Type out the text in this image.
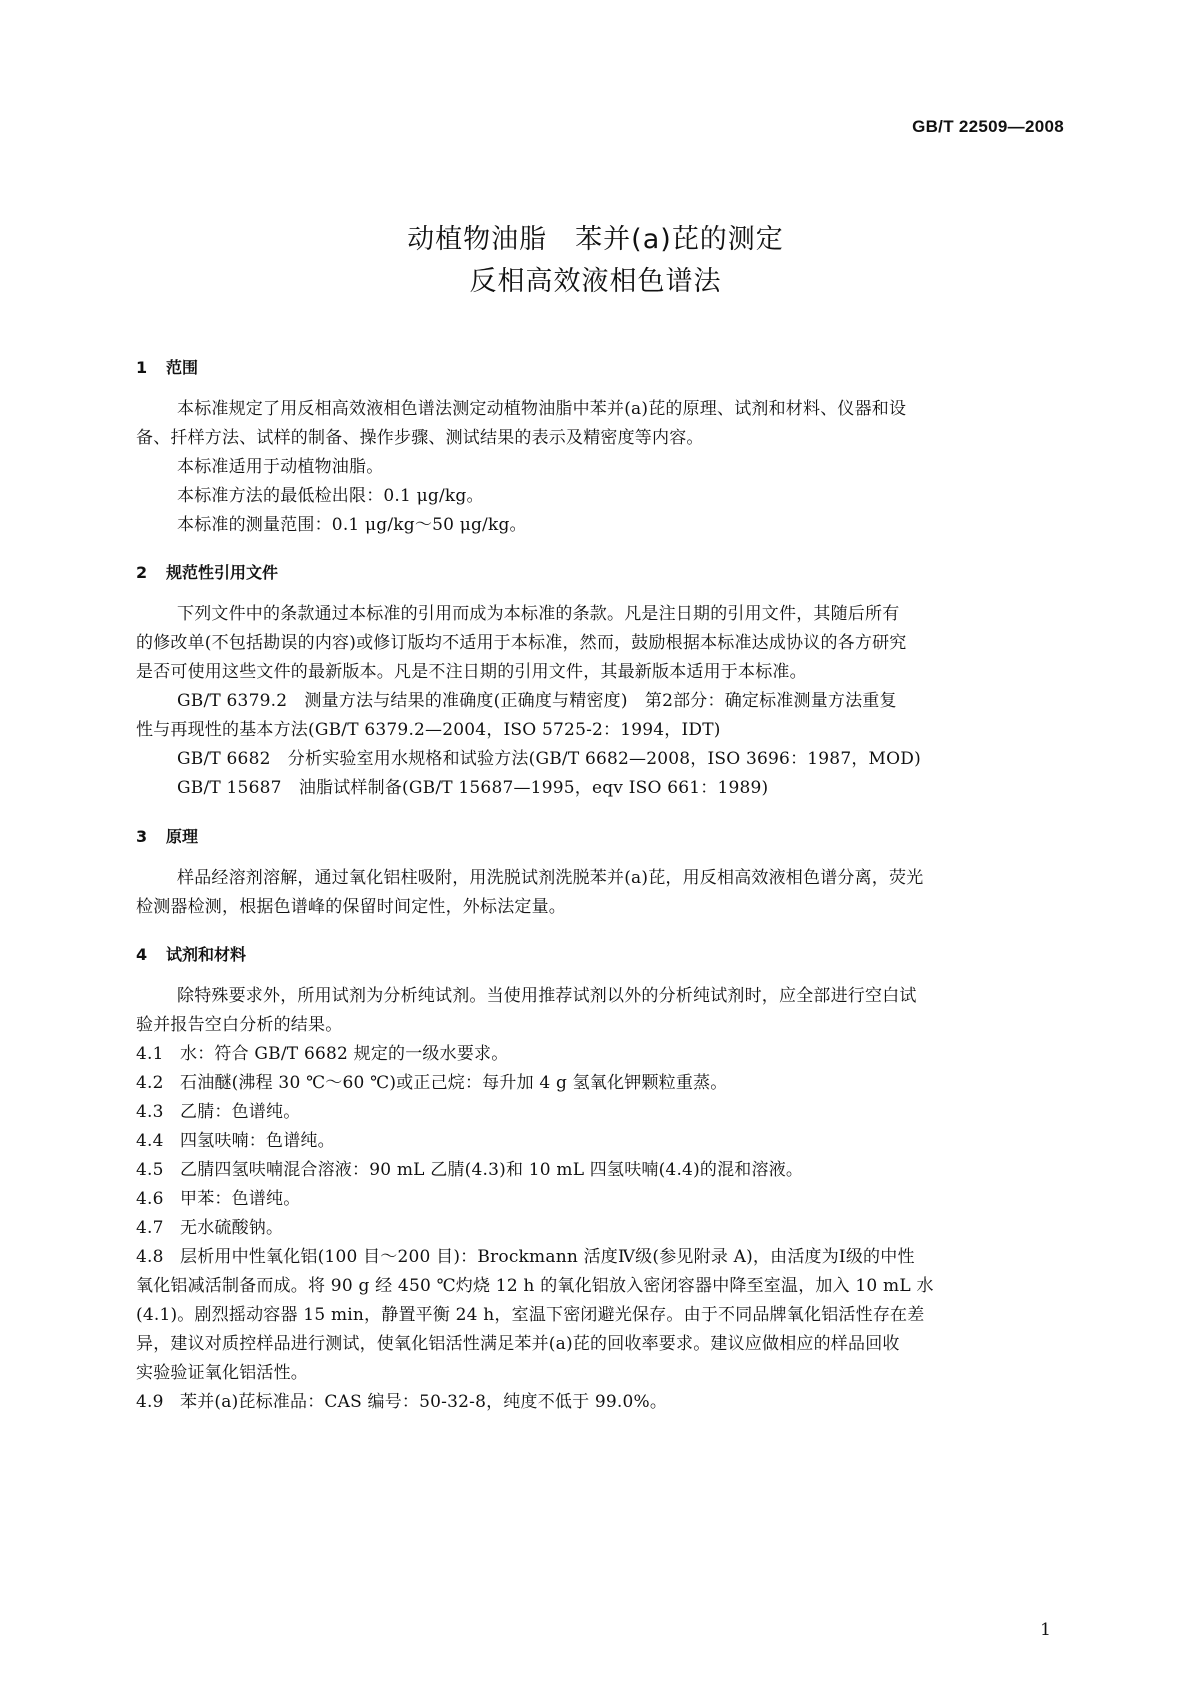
GB/T 22509—2008
动植物油脂　苯并(a)芘的测定
反相高效液相色谱法
1 范围
本标准规定了用反相高效液相色谱法测定动植物油脂中苯并(a)芘的原理、试剂和材料、仪器和设
备、扦样方法、试样的制备、操作步骤、测试结果的表示及精密度等内容。
本标准适用于动植物油脂。
本标准方法的最低检出限：0.1 μg/kg。
本标准的测量范围：0.1 μg/kg～50 μg/kg。
2 规范性引用文件
下列文件中的条款通过本标准的引用而成为本标准的条款。凡是注日期的引用文件，其随后所有
的修改单(不包括勘误的内容)或修订版均不适用于本标准，然而，鼓励根据本标准达成协议的各方研究
是否可使用这些文件的最新版本。凡是不注日期的引用文件，其最新版本适用于本标准。
GB/T 6379.2　测量方法与结果的准确度(正确度与精密度)　第2部分：确定标准测量方法重复
性与再现性的基本方法(GB/T 6379.2—2004，ISO 5725-2：1994，IDT)
GB/T 6682　分析实验室用水规格和试验方法(GB/T 6682—2008，ISO 3696：1987，MOD)
GB/T 15687　油脂试样制备(GB/T 15687—1995，eqv ISO 661：1989)
3 原理
样品经溶剂溶解，通过氧化铝柱吸附，用洗脱试剂洗脱苯并(a)芘，用反相高效液相色谱分离，荧光
检测器检测，根据色谱峰的保留时间定性，外标法定量。
4 试剂和材料
除特殊要求外，所用试剂为分析纯试剂。当使用推荐试剂以外的分析纯试剂时，应全部进行空白试
验并报告空白分析的结果。
4.1 水：符合 GB/T 6682 规定的一级水要求。
4.2 石油醚(沸程 30 ℃～60 ℃)或正己烷：每升加 4 g 氢氧化钾颗粒重蒸。
4.3 乙腈：色谱纯。
4.4 四氢呋喃：色谱纯。
4.5 乙腈四氢呋喃混合溶液：90 mL 乙腈(4.3)和 10 mL 四氢呋喃(4.4)的混和溶液。
4.6 甲苯：色谱纯。
4.7 无水硫酸钠。
4.8 层析用中性氧化铝(100 目～200 目)：Brockmann 活度Ⅳ级(参见附录 A)，由活度为Ⅰ级的中性
氧化铝减活制备而成。将 90 g 经 450 ℃灼烧 12 h 的氧化铝放入密闭容器中降至室温，加入 10 mL 水
(4.1)。剧烈摇动容器 15 min，静置平衡 24 h，室温下密闭避光保存。由于不同品牌氧化铝活性存在差
异，建议对质控样品进行测试，使氧化铝活性满足苯并(a)芘的回收率要求。建议应做相应的样品回收
实验验证氧化铝活性。
4.9 苯并(a)芘标准品：CAS 编号：50-32-8，纯度不低于 99.0%。
1
